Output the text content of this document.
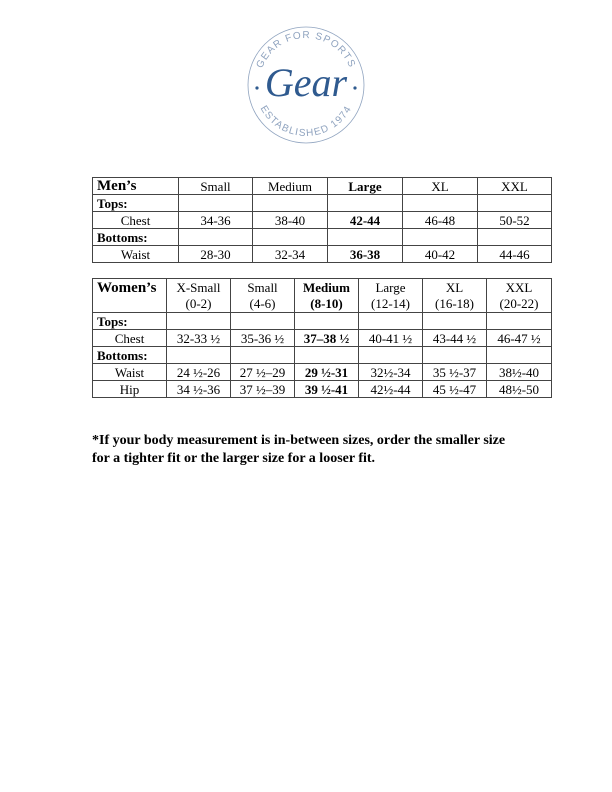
GEAR FOR SPORTS
ESTABLISHED 1974
Gear
Men’s	Small	Medium	Large	XL	XXL
Tops:					
Chest	34-36	38-40	42-44	46-48	50-52
Bottoms:					
Waist	28-30	32-34	36-38	40-42	44-46
Women’s	X-Small	Small	Medium	Large	XL	XXL
	(0-2)	(4-6)	(8-10)	(12-14)	(16-18)	(20-22)
Tops:						
Chest	32-33 ½	35-36 ½	37–38 ½	40-41 ½	43-44 ½	46-47 ½
Bottoms:						
Waist	24 ½-26	27 ½–29	29 ½-31	32½-34	35 ½-37	38½-40
Hip	34 ½-36	37 ½–39	39 ½-41	42½-44	45 ½-47	48½-50
*If your body measurement is in-between sizes, order the smaller size
for a tighter fit or the larger size for a looser fit.
